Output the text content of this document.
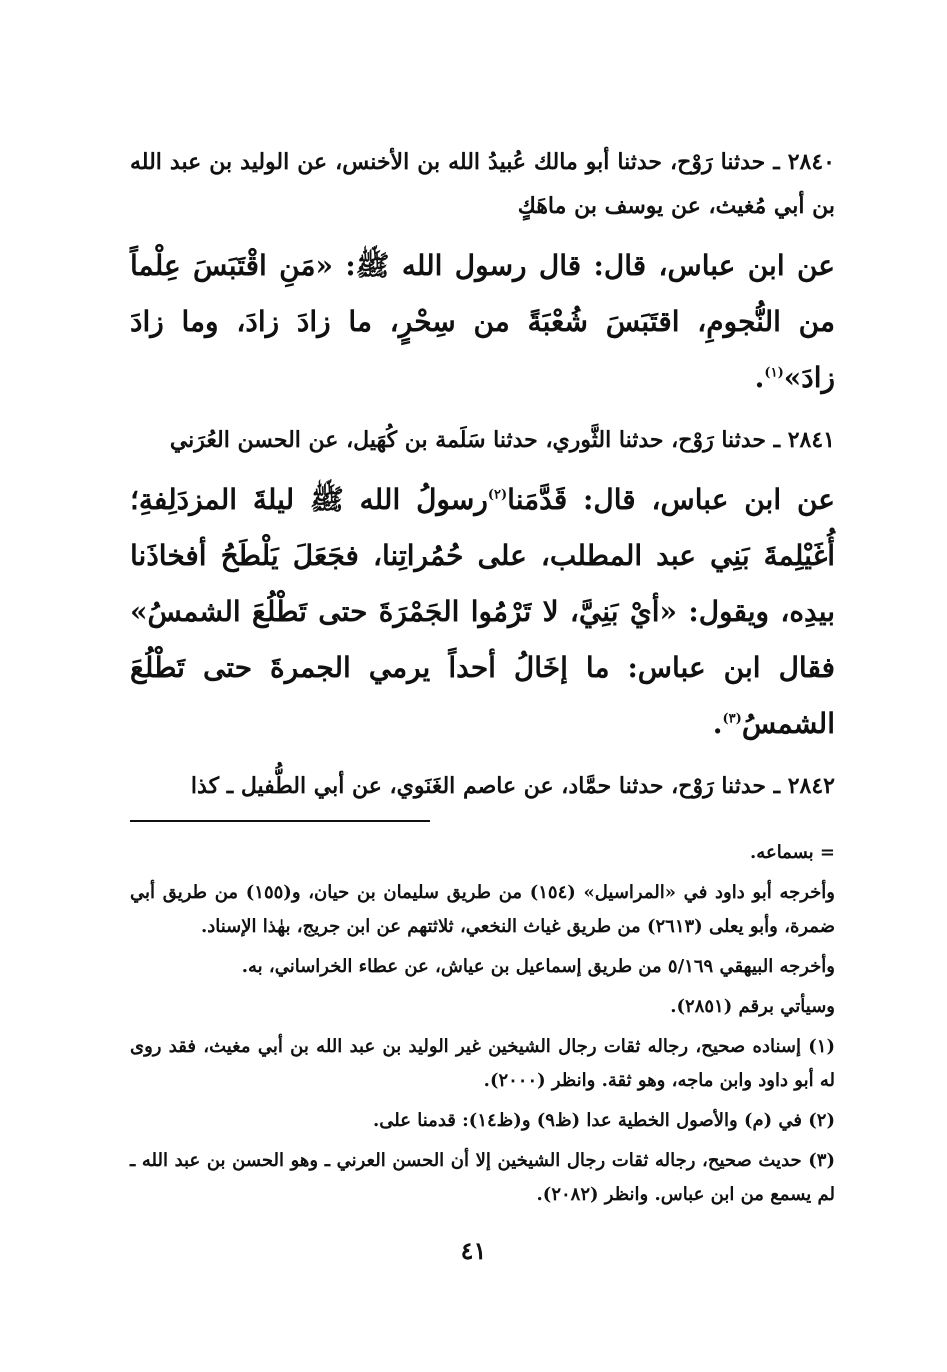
٢٨٤٠ ـ حدثنا رَوْح، حدثنا أبو مالك عُبيدُ الله بن الأخنس، عن الوليد بن عبد الله بن أبي مُغيث، عن يوسف بن ماهَكٍ

عن ابن عباس، قال: قال رسول الله ﷺ: «مَنِ اقْتَبَسَ عِلْماً من النُّجومِ، اقتَبَسَ شُعْبَةً من سِحْرٍ، ما زادَ زادَ، وما زادَ زادَ»$^{(١)}$.

٢٨٤١ ـ حدثنا رَوْح، حدثنا الثَّوري، حدثنا سَلَمة بن كُهَيل، عن الحسن العُرَني

عن ابن عباس، قال: قَدَّمَنا$^{(٢)}$رسولُ الله ﷺ ليلةَ المزدَلِفةِ؛ أُغَيْلِمةَ بَنِي عبد المطلب، على حُمُراتِنا، فجَعَلَ يَلْطَحُ أفخاذَنا بيدِه، ويقول: «أيْ بَنِيَّ، لا تَرْمُوا الجَمْرَةَ حتى تَطْلُعَ الشمسُ» فقال ابن عباس: ما إخَالُ أحداً يرمي الجمرةَ حتى تَطْلُعَ الشمسُ$^{(٣)}$.

٢٨٤٢ ـ حدثنا رَوْح، حدثنا حمَّاد، عن عاصم الغَنَوي، عن أبي الطُّفيل ـ كذا

= بسماعه.

وأخرجه أبو داود في «المراسيل» (١٥٤) من طريق سليمان بن حيان، و(١٥٥) من طريق أبي ضمرة، وأبو يعلى (٢٦١٣) من طريق غياث النخعي، ثلاثتهم عن ابن جريج، بهٰذا الإسناد.

وأخرجه البيهقي ٥/١٦٩ من طريق إسماعيل بن عياش، عن عطاء الخراساني، به.

وسيأتي برقم (٢٨٥١).

(١) إسناده صحيح، رجاله ثقات رجال الشيخين غير الوليد بن عبد الله بن أبي مغيث، فقد روى له أبو داود وابن ماجه، وهو ثقة. وانظر (٢٠٠٠).

(٢) في (م) والأصول الخطية عدا (ظ٩) و(ظ١٤): قدمنا على.

(٣) حديث صحيح، رجاله ثقات رجال الشيخين إلا أن الحسن العرني ـ وهو الحسن بن عبد الله ـ لم يسمع من ابن عباس. وانظر (٢٠٨٢).

٤١
